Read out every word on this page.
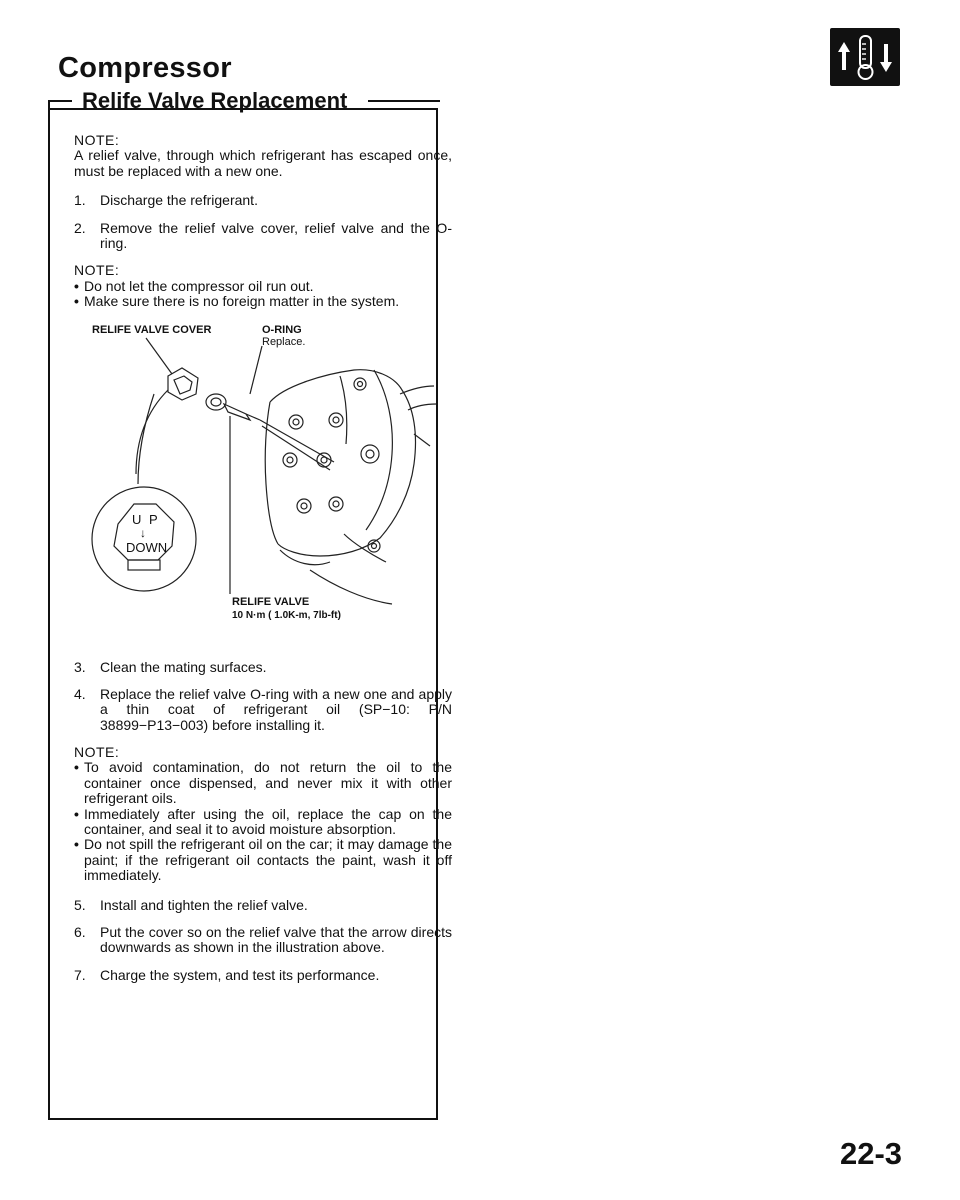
Compressor
Relife Valve Replacement

NOTE:

A relief valve, through which refrigerant has escaped once, must be replaced with a new one.

1.	Discharge the refrigerant.
2.	Remove the relief valve cover, relief valve and the O-ring.

NOTE:

• Do not let the compressor oil run out.
• Make sure there is no foreign matter in the system.
RELIFE VALVE COVER	O-RING
Replace.
U P
↓
DOWN
RELIFE VALVE
10 N·m ( 1.0K-m, 7lb-ft)
3.	Clean the mating surfaces.
4.	Replace the relief valve O-ring with a new one and apply a thin coat of refrigerant oil (SP−10: P/N 38899−P13−003) before installing it.

NOTE:

• To avoid contamination, do not return the oil to the container once dispensed, and never mix it with other refrigerant oils.
• Immediately after using the oil, replace the cap on the container, and seal it to avoid moisture absorption.
• Do not spill the refrigerant oil on the car; it may damage the paint; if the refrigerant oil contacts the paint, wash it off immediately.
5.	Install and tighten the relief valve.
6.	Put the cover so on the relief valve that the arrow directs downwards as shown in the illustration above.
7.	Charge the system, and test its performance.
22-3
